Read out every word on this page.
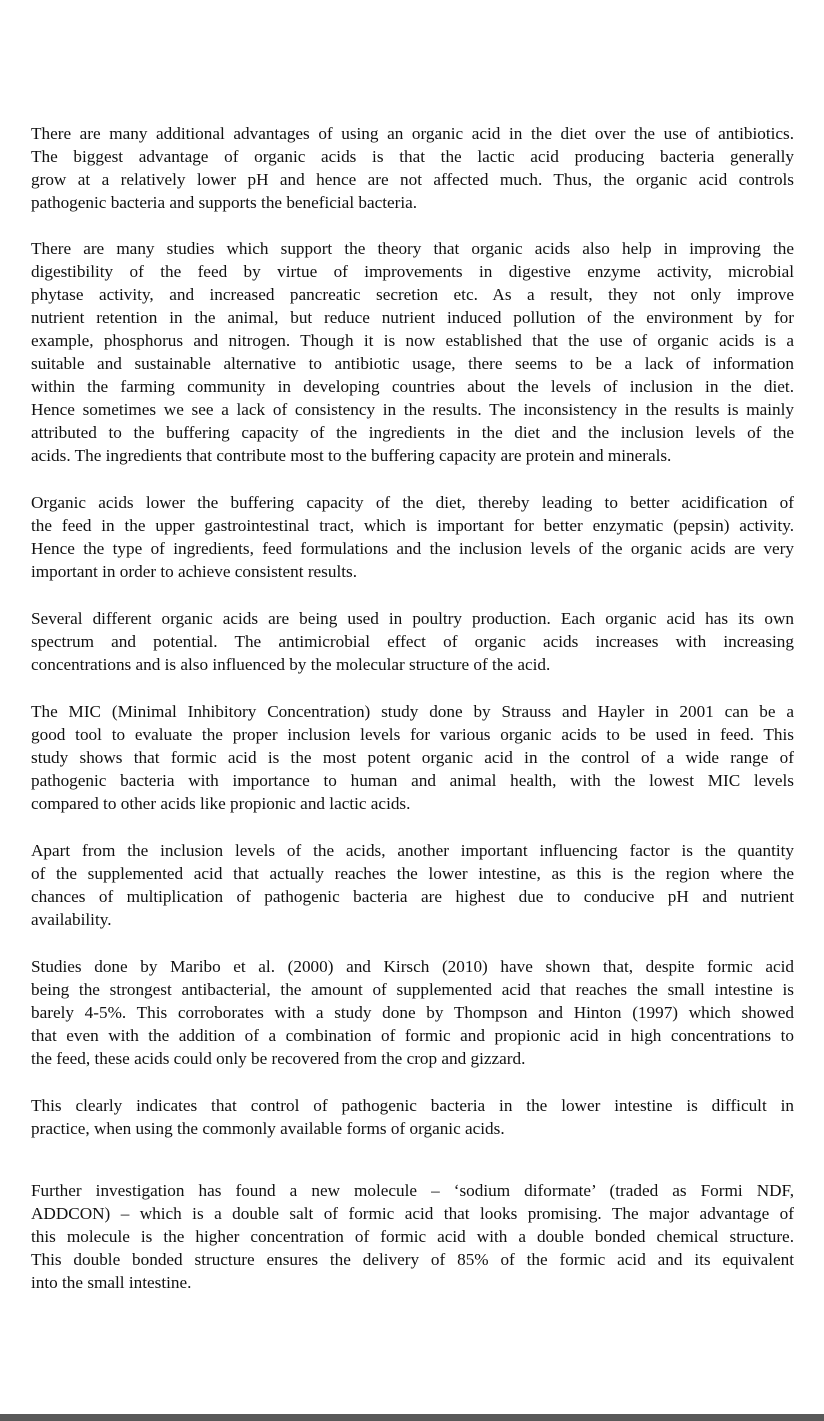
There are many additional advantages of using an organic acid in the diet over the use of antibiotics.
The biggest advantage of organic acids is that the lactic acid producing bacteria generally
grow at a relatively lower pH and hence are not affected much. Thus, the organic acid controls
pathogenic bacteria and supports the beneficial bacteria.
There are many studies which support the theory that organic acids also help in improving the
digestibility of the feed by virtue of improvements in digestive enzyme activity, microbial
phytase activity, and increased pancreatic secretion etc. As a result, they not only improve
nutrient retention in the animal, but reduce nutrient induced pollution of the environment by for
example, phosphorus and nitrogen. Though it is now established that the use of organic acids is a
suitable and sustainable alternative to antibiotic usage, there seems to be a lack of information
within the farming community in developing countries about the levels of inclusion in the diet.
Hence sometimes we see a lack of consistency in the results. The inconsistency in the results is mainly
attributed to the buffering capacity of the ingredients in the diet and the inclusion levels of the
acids. The ingredients that contribute most to the buffering capacity are protein and minerals.
Organic acids lower the buffering capacity of the diet, thereby leading to better acidification of
the feed in the upper gastrointestinal tract, which is important for better enzymatic (pepsin) activity.
Hence the type of ingredients, feed formulations and the inclusion levels of the organic acids are very
important in order to achieve consistent results.
Several different organic acids are being used in poultry production. Each organic acid has its own
spectrum and potential. The antimicrobial effect of organic acids increases with increasing
concentrations and is also influenced by the molecular structure of the acid.
The MIC (Minimal Inhibitory Concentration) study done by Strauss and Hayler in 2001 can be a
good tool to evaluate the proper inclusion levels for various organic acids to be used in feed. This
study shows that formic acid is the most potent organic acid in the control of a wide range of
pathogenic bacteria with importance to human and animal health, with the lowest MIC levels
compared to other acids like propionic and lactic acids.
Apart from the inclusion levels of the acids, another important influencing factor is the quantity
of the supplemented acid that actually reaches the lower intestine, as this is the region where the
chances of multiplication of pathogenic bacteria are highest due to conducive pH and nutrient
availability.
Studies done by Maribo et al. (2000) and Kirsch (2010) have shown that, despite formic acid
being the strongest antibacterial, the amount of supplemented acid that reaches the small intestine is
barely 4-5%. This corroborates with a study done by Thompson and Hinton (1997) which showed
that even with the addition of a combination of formic and propionic acid in high concentrations to
the feed, these acids could only be recovered from the crop and gizzard.
This clearly indicates that control of pathogenic bacteria in the lower intestine is difficult in
practice, when using the commonly available forms of organic acids.
Further investigation has found a new molecule – ‘sodium diformate’ (traded as Formi NDF,
ADDCON) – which is a double salt of formic acid that looks promising. The major advantage of
this molecule is the higher concentration of formic acid with a double bonded chemical structure.
This double bonded structure ensures the delivery of 85% of the formic acid and its equivalent
into the small intestine.
